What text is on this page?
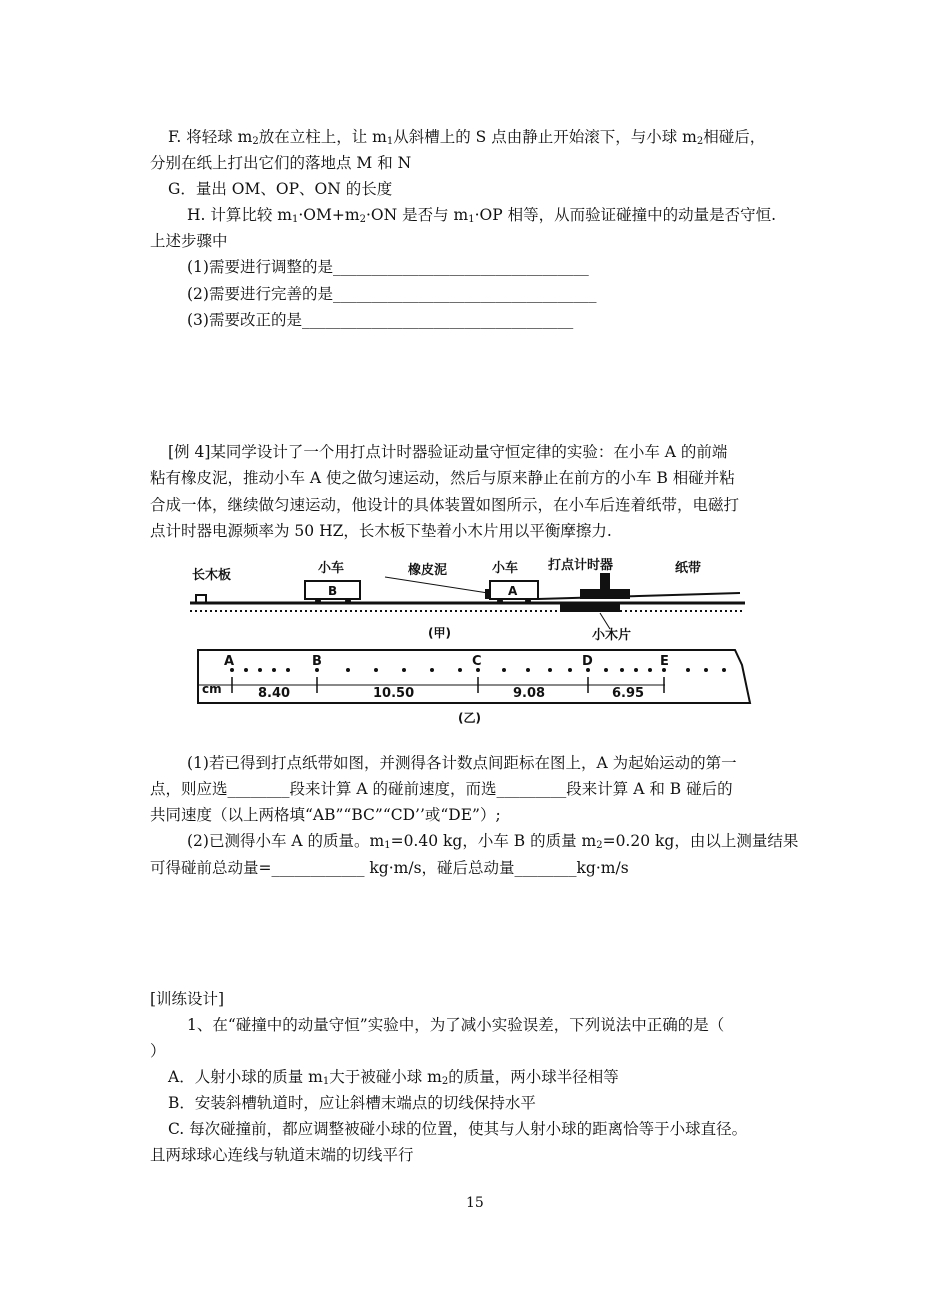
F. 将轻球 $m_2$放在立柱上，让 $m_1$从斜槽上的 S 点由静止开始滚下，与小球 $m_2$相碰后，
分别在纸上打出它们的落地点 M 和 N
G．量出 OM、OP、ON 的长度
H. 计算比较 $m_1\cdot OM+m_2\cdot ON$ 是否与 $m_1\cdot OP$ 相等，从而验证碰撞中的动量是否守恒.
上述步骤中
(1)需要进行调整的是_________________________________
(2)需要进行完善的是__________________________________
(3)需要改正的是___________________________________
[例 4]某同学设计了一个用打点计时器验证动量守恒定律的实验：在小车 A 的前端
粘有橡皮泥，推动小车 A 使之做匀速运动，然后与原来静止在前方的小车 B 相碰并粘
合成一体，继续做匀速运动，他设计的具体装置如图所示，在小车后连着纸带，电磁打
点计时器电源频率为 50 HZ，长木板下垫着小木片用以平衡摩擦力.
长木板	小车	橡皮泥	小车 打点计时器	纸带
B	A
(甲)	小木片
A	B	C	D	E
cm	8.40	10.50	9.08	6.95
(乙)
(1)若已得到打点纸带如图，并测得各计数点间距标在图上，A 为起始运动的第一
点，则应选________段来计算 A 的碰前速度，而选_________段来计算 A 和 B 碰后的
共同速度（以上两格填“AB”“BC”“CD’’或“DE”）;
(2)已测得小车 A 的质量。$m_1=0.40$ kg，小车 B 的质量 $m_2=0.20$ kg，由以上测量结果
可得碰前总动量=____________ kg·m/s，碰后总动量________kg·m/s
[训练设计]
1、在“碰撞中的动量守恒”实验中，为了减小实验误差，下列说法中正确的是（
）
A．人射小球的质量 $m_1$大于被碰小球 $m_2$的质量，两小球半径相等
B．安装斜槽轨道时，应让斜槽末端点的切线保持水平
C. 每次碰撞前，都应调整被碰小球的位置，使其与人射小球的距离恰等于小球直径。
且两球球心连线与轨道末端的切线平行
15
